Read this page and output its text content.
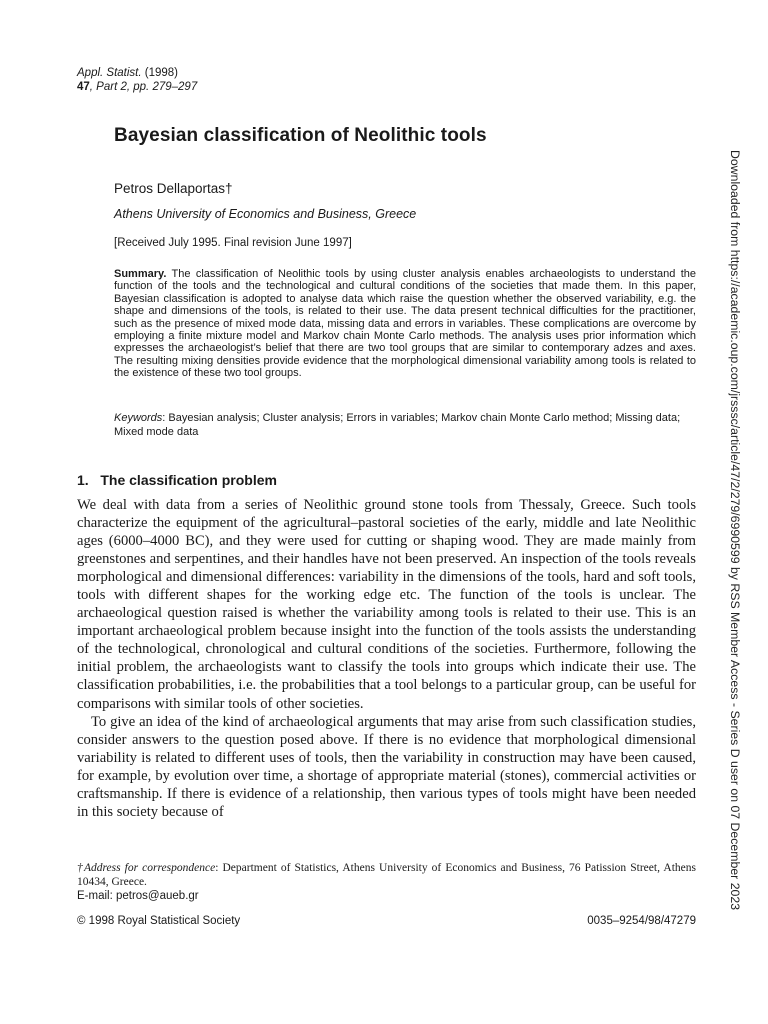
Appl. Statist. (1998)
47, Part 2, pp. 279–297
Bayesian classification of Neolithic tools
Petros Dellaportas†
Athens University of Economics and Business, Greece
[Received July 1995. Final revision June 1997]
Summary. The classification of Neolithic tools by using cluster analysis enables archaeologists to understand the function of the tools and the technological and cultural conditions of the societies that made them. In this paper, Bayesian classification is adopted to analyse data which raise the question whether the observed variability, e.g. the shape and dimensions of the tools, is related to their use. The data present technical difficulties for the practitioner, such as the presence of mixed mode data, missing data and errors in variables. These complications are overcome by employing a finite mixture model and Markov chain Monte Carlo methods. The analysis uses prior information which expresses the archaeologist’s belief that there are two tool groups that are similar to contemporary adzes and axes. The resulting mixing densities provide evidence that the morphological dimensional variability among tools is related to the existence of these two tool groups.
Keywords: Bayesian analysis; Cluster analysis; Errors in variables; Markov chain Monte Carlo method; Missing data; Mixed mode data
1. The classification problem

We deal with data from a series of Neolithic ground stone tools from Thessaly, Greece. Such tools characterize the equipment of the agricultural–pastoral societies of the early, middle and late Neolithic ages (6000–4000 BC), and they were used for cutting or shaping wood. They are made mainly from greenstones and serpentines, and their handles have not been preserved. An inspection of the tools reveals morphological and dimensional differences: variability in the dimensions of the tools, hard and soft tools, tools with different shapes for the working edge etc. The function of the tools is unclear. The archaeological question raised is whether the variability among tools is related to their use. This is an important archaeological problem because insight into the function of the tools assists the understanding of the technological, chronological and cultural conditions of the societies. Furthermore, following the initial problem, the archaeologists want to classify the tools into groups which indicate their use. The classification probabilities, i.e. the probabilities that a tool belongs to a particular group, can be useful for comparisons with similar tools of other societies.

To give an idea of the kind of archaeological arguments that may arise from such classification studies, consider answers to the question posed above. If there is no evidence that morphological dimensional variability is related to different uses of tools, then the variability in construction may have been caused, for example, by evolution over time, a shortage of appropriate material (stones), commercial activities or craftsmanship. If there is evidence of a relationship, then various types of tools might have been needed in this society because of

†Address for correspondence: Department of Statistics, Athens University of Economics and Business, 76 Patission Street, Athens 10434, Greece.
E-mail: petros@aueb.gr
© 1998 Royal Statistical Society	0035–9254/98/47279
Downloaded from https://academic.oup.com/jrsssc/article/47/2/279/6990599 by RSS Member Access - Series D user on 07 December 2023
